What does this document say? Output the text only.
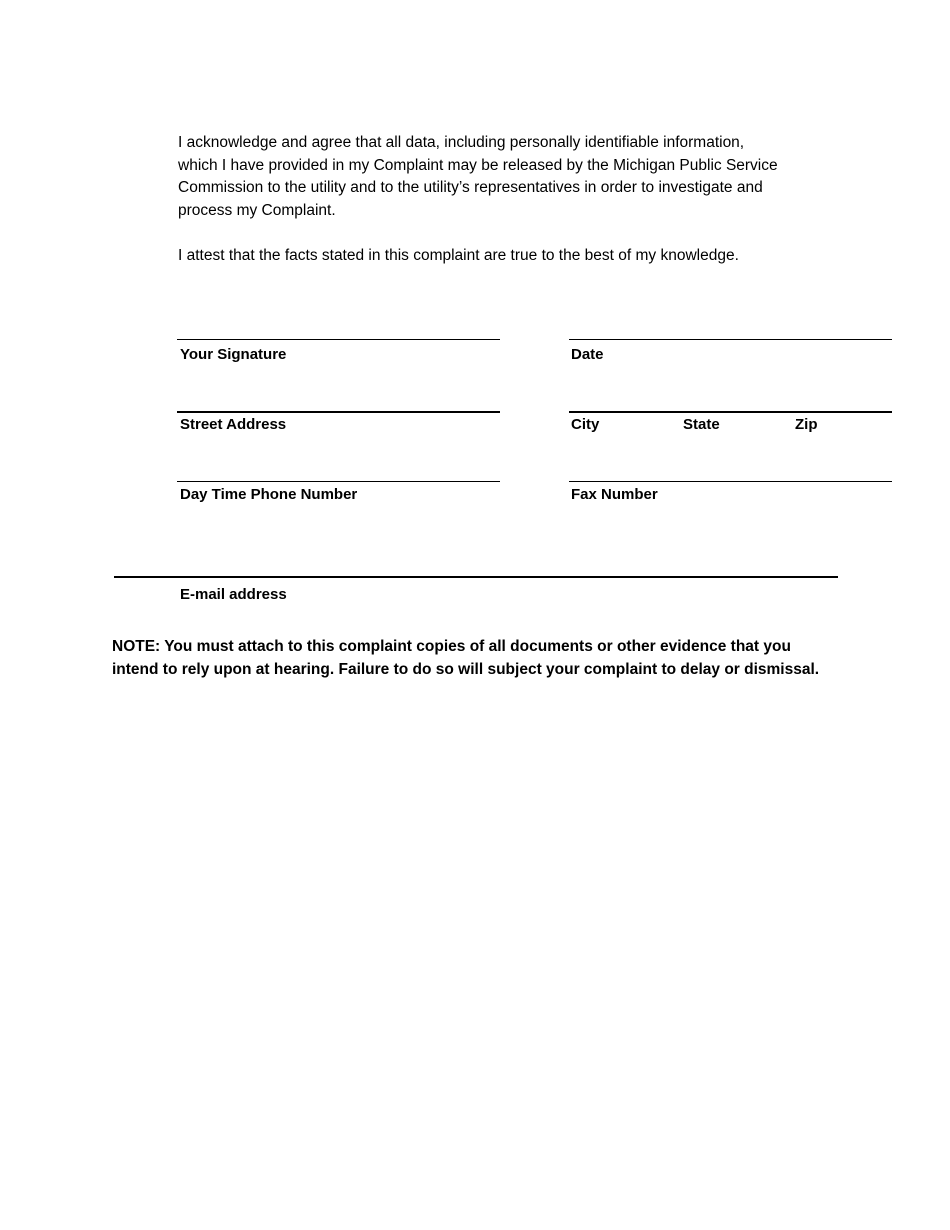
I acknowledge and agree that all data, including personally identifiable information, which I have provided in my Complaint may be released by the Michigan Public Service Commission to the utility and to the utility’s representatives in order to investigate and process my Complaint.

I attest that the facts stated in this complaint are true to the best of my knowledge.

Your Signature	Date
Street Address	City	State	Zip
Day Time Phone Number	Fax Number
E-mail address

NOTE: You must attach to this complaint copies of all documents or other evidence that you intend to rely upon at hearing. Failure to do so will subject your complaint to delay or dismissal.
